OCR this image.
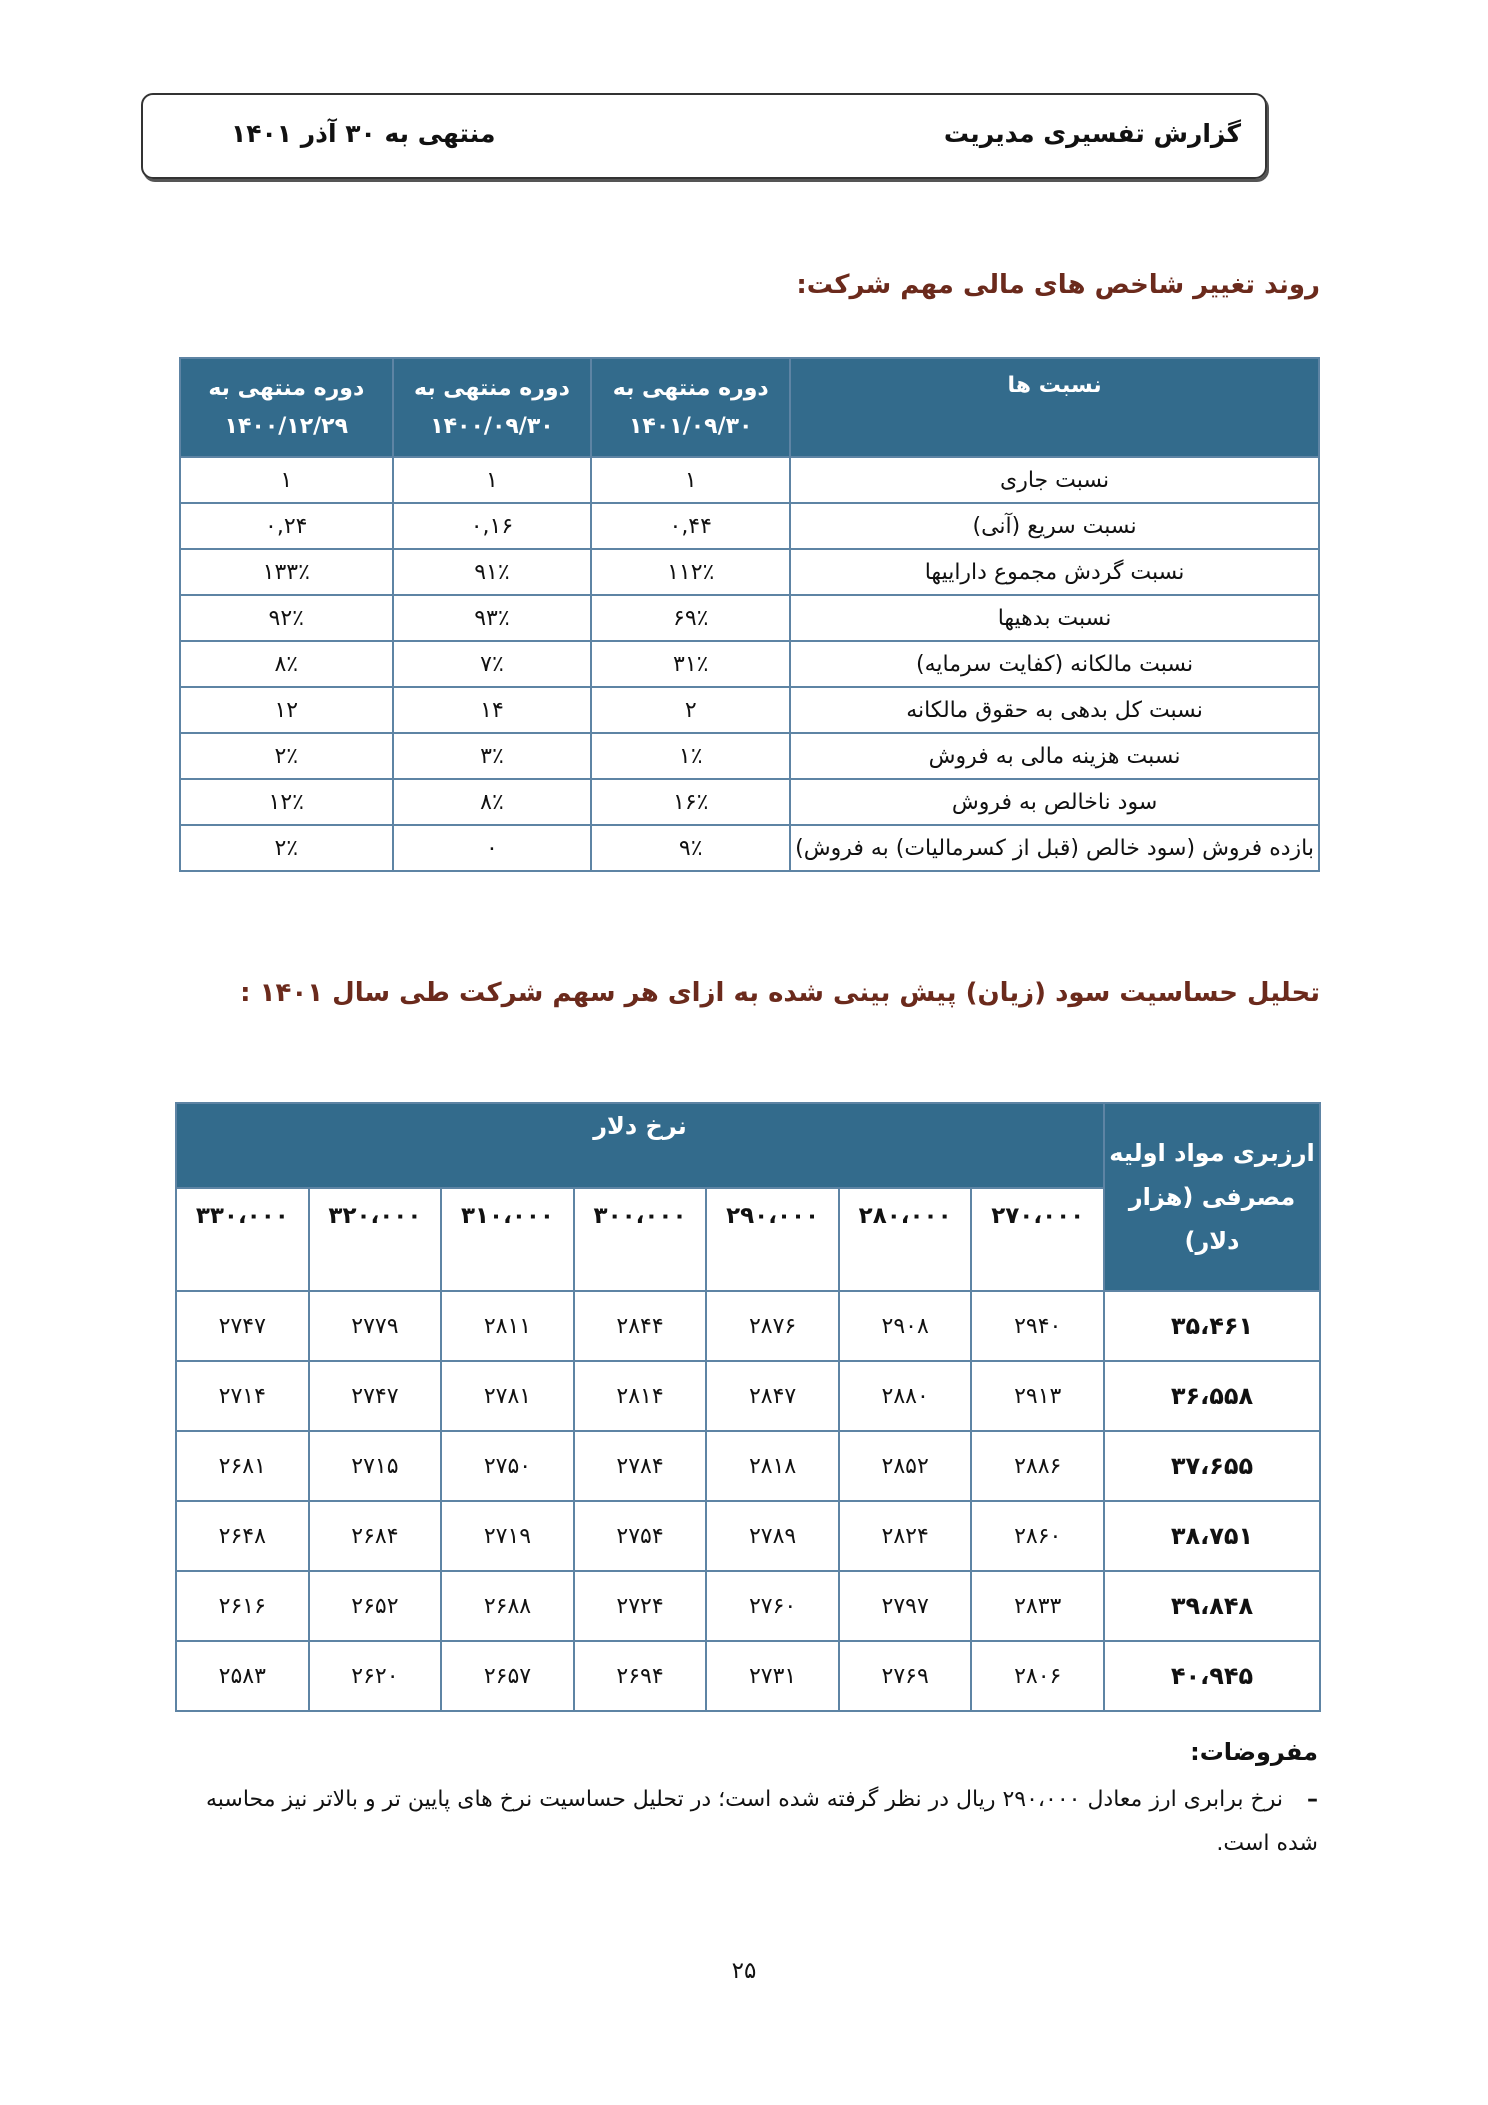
گزارش تفسیری مدیریت
منتهی به ۳۰ آذر ۱۴۰۱
روند تغییر شاخص های مالی مهم شرکت:
نسبت ها	دوره منتهی به ۱۴۰۱/۰۹/۳۰	دوره منتهی به ۱۴۰۰/۰۹/۳۰	دوره منتهی به ۱۴۰۰/۱۲/۲۹
نسبت جاری	۱	۱	۱
نسبت سریع (آنی)	۰,۴۴	۰,۱۶	۰,۲۴
نسبت گردش مجموع داراییها	۱۱۲٪	۹۱٪	۱۳۳٪
نسبت بدهیها	۶۹٪	۹۳٪	۹۲٪
نسبت مالکانه (کفایت سرمایه)	۳۱٪	۷٪	۸٪
نسبت کل بدهی به حقوق مالکانه	۲	۱۴	۱۲
نسبت هزینه مالی به فروش	۱٪	۳٪	۲٪
سود ناخالص به فروش	۱۶٪	۸٪	۱۲٪
بازده فروش (سود خالص (قبل از کسرمالیات) به فروش)	۹٪	۰	۲٪
تحلیل حساسیت سود (زیان) پیش بینی شده به ازای هر سهم شرکت طی سال ۱۴۰۱ :
ارزبری مواد اولیه مصرفی (هزار دلار)	نرخ دلار						
	۲۷۰،۰۰۰	۲۸۰،۰۰۰	۲۹۰،۰۰۰	۳۰۰،۰۰۰	۳۱۰،۰۰۰	۳۲۰،۰۰۰	۳۳۰،۰۰۰
۳۵،۴۶۱	۲۹۴۰	۲۹۰۸	۲۸۷۶	۲۸۴۴	۲۸۱۱	۲۷۷۹	۲۷۴۷
۳۶،۵۵۸	۲۹۱۳	۲۸۸۰	۲۸۴۷	۲۸۱۴	۲۷۸۱	۲۷۴۷	۲۷۱۴
۳۷،۶۵۵	۲۸۸۶	۲۸۵۲	۲۸۱۸	۲۷۸۴	۲۷۵۰	۲۷۱۵	۲۶۸۱
۳۸،۷۵۱	۲۸۶۰	۲۸۲۴	۲۷۸۹	۲۷۵۴	۲۷۱۹	۲۶۸۴	۲۶۴۸
۳۹،۸۴۸	۲۸۳۳	۲۷۹۷	۲۷۶۰	۲۷۲۴	۲۶۸۸	۲۶۵۲	۲۶۱۶
۴۰،۹۴۵	۲۸۰۶	۲۷۶۹	۲۷۳۱	۲۶۹۴	۲۶۵۷	۲۶۲۰	۲۵۸۳
مفروضات:
–نرخ برابری ارز معادل ۲۹۰،۰۰۰ ریال در نظر گرفته شده است؛ در تحلیل حساسیت نرخ های پایین تر و بالاتر نیز محاسبه شده است.
۲۵
